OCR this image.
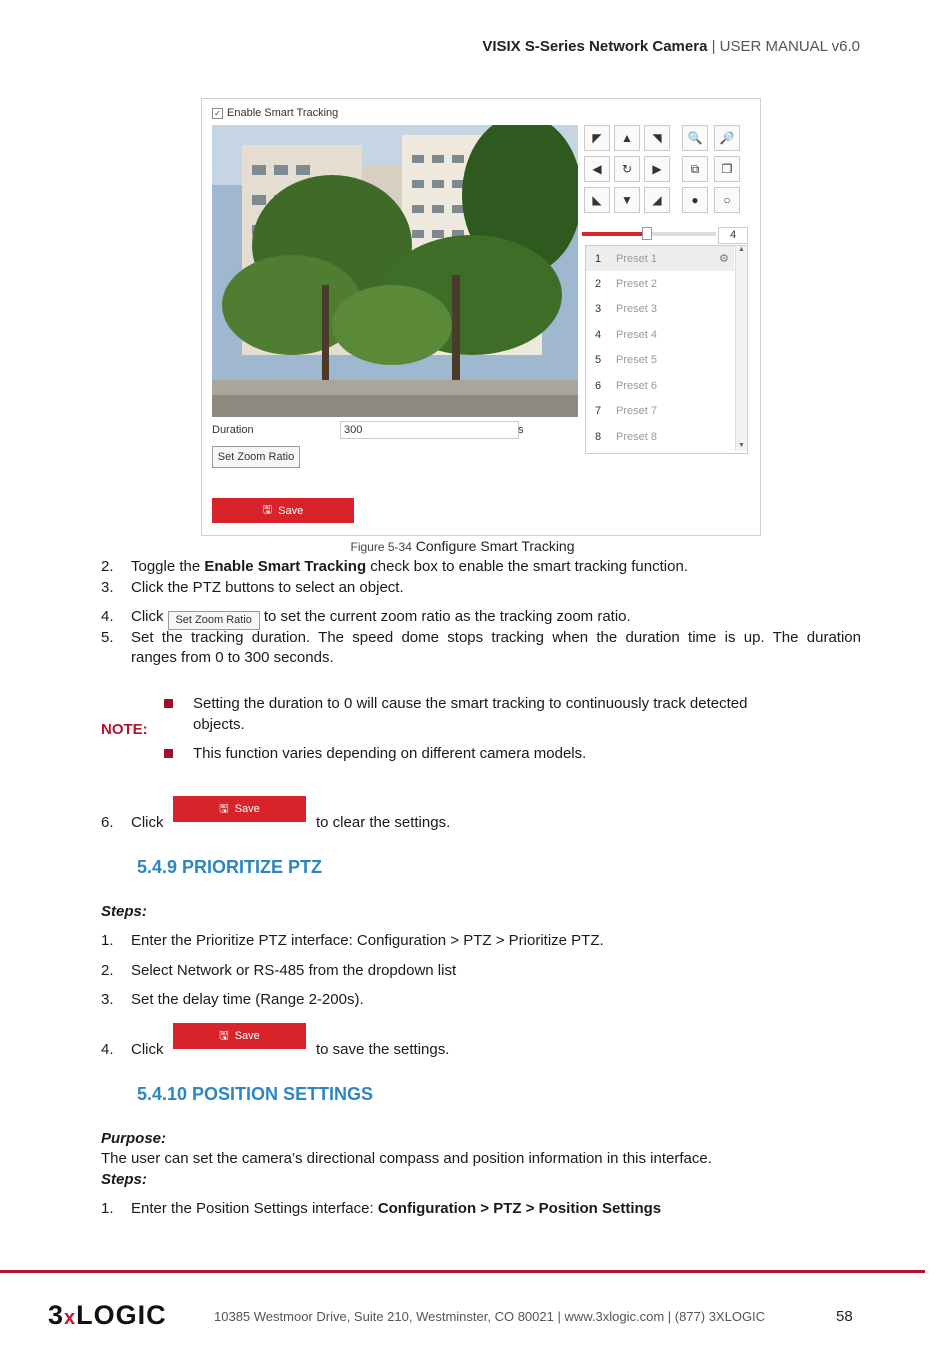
VISIX S-Series Network Camera | USER MANUAL v6.0
✓ Enable Smart Tracking
Duration	300	s
Set Zoom Ratio
🖫 Save
◤	▲	◥
◀	↻	▶
◣	▼	◢
🔍	🔎
⧉	❐
●	○
4
1	Preset 1	⚙
2	Preset 2
3	Preset 3
4	Preset 4
5	Preset 5
6	Preset 6
7	Preset 7
8	Preset 8
▲
▼
Figure 5-34 Configure Smart Tracking
2. Toggle the Enable Smart Tracking check box to enable the smart tracking function.
3. Click the PTZ buttons to select an object.
4. Click Set Zoom Ratio to set the current zoom ratio as the tracking zoom ratio.
5. Set the tracking duration. The speed dome stops tracking when the duration time is up. The duration
ranges from 0 to 300 seconds.
NOTE:
Setting the duration to 0 will cause the smart tracking to continuously track detected
objects.
This function varies depending on different camera models.
6. Click	to clear the settings.
🖫 Save
5.4.9 PRIORITIZE PTZ
Steps:
1. Enter the Prioritize PTZ interface: Configuration > PTZ > Prioritize PTZ.
2. Select Network or RS-485 from the dropdown list
3. Set the delay time (Range 2-200s).
4. Click	to save the settings.
🖫 Save
5.4.10 POSITION SETTINGS
Purpose:
The user can set the camera’s directional compass and position information in this interface.
Steps:
1. Enter the Position Settings interface: Configuration > PTZ > Position Settings
3 x LOGIC	10385 Westmoor Drive, Suite 210, Westminster, CO 80021 | www.3xlogic.com | (877) 3XLOGIC	58
